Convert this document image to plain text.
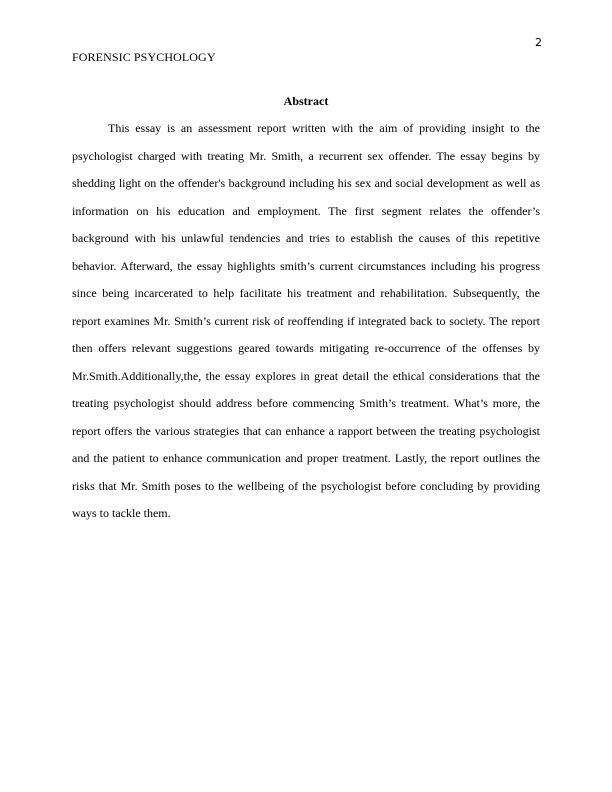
2
FORENSIC PSYCHOLOGY
Abstract

This essay is an assessment report written with the aim of providing insight to the psychologist charged with treating Mr. Smith, a recurrent sex offender. The essay begins by shedding light on the offender's background including his sex and social development as well as information on his education and employment. The first segment relates the offender’s background with his unlawful tendencies and tries to establish the causes of this repetitive behavior. Afterward, the essay highlights smith’s current circumstances including his progress since being incarcerated to help facilitate his treatment and rehabilitation. Subsequently, the report examines Mr. Smith’s current risk of reoffending if integrated back to society. The report then offers relevant suggestions geared towards mitigating re-occurrence of the offenses by Mr.Smith.Additionally,the, the essay explores in great detail the ethical considerations that the treating psychologist should address before commencing Smith’s treatment. What’s more, the report offers the various strategies that can enhance a rapport between the treating psychologist and the patient to enhance communication and proper treatment. Lastly, the report outlines the risks that Mr. Smith poses to the wellbeing of the psychologist before concluding by providing ways to tackle them.
